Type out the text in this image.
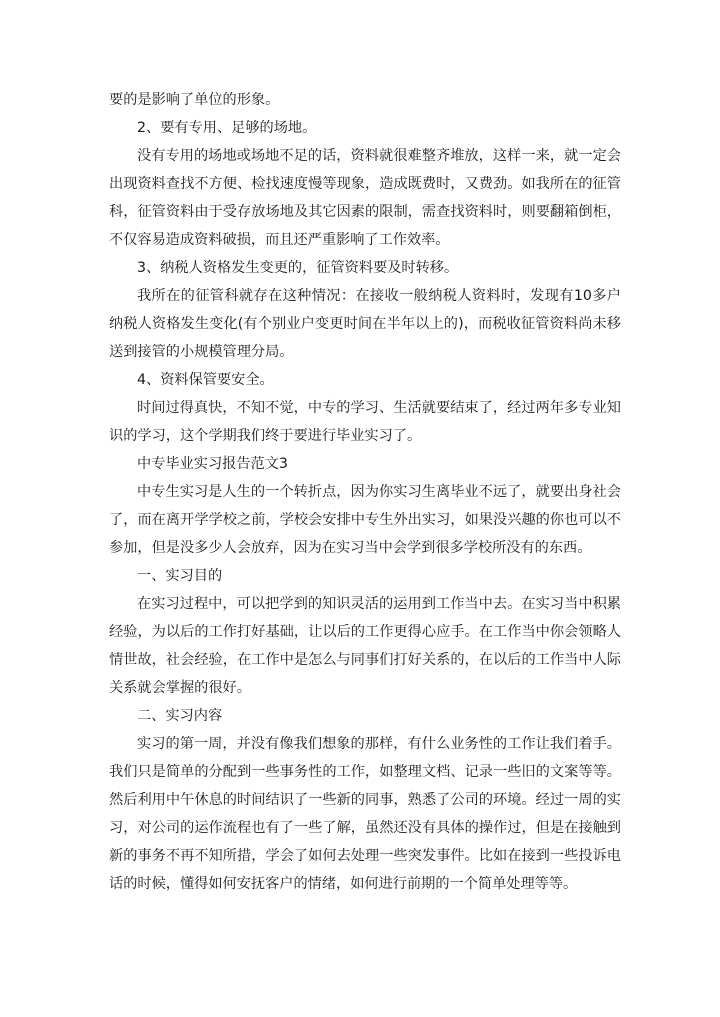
要的是影响了单位的形象。

2、要有专用、足够的场地。

没有专用的场地或场地不足的话，资料就很难整齐堆放，这样一来，就一定会出现资料查找不方便、检找速度慢等现象，造成既费时，又费劲。如我所在的征管科，征管资料由于受存放场地及其它因素的限制，需查找资料时，则要翻箱倒柜，不仅容易造成资料破损，而且还严重影响了工作效率。

3、纳税人资格发生变更的，征管资料要及时转移。

我所在的征管科就存在这种情况：在接收一般纳税人资料时，发现有10多户纳税人资格发生变化(有个别业户变更时间在半年以上的)，而税收征管资料尚未移送到接管的小规模管理分局。

4、资料保管要安全。

时间过得真快，不知不觉，中专的学习、生活就要结束了，经过两年多专业知识的学习，这个学期我们终于要进行毕业实习了。

中专毕业实习报告范文3

中专生实习是人生的一个转折点，因为你实习生离毕业不远了，就要出身社会了，而在离开学学校之前，学校会安排中专生外出实习，如果没兴趣的你也可以不参加，但是没多少人会放弃，因为在实习当中会学到很多学校所没有的东西。

一、实习目的

在实习过程中，可以把学到的知识灵活的运用到工作当中去。在实习当中积累经验，为以后的工作打好基础，让以后的工作更得心应手。在工作当中你会领略人情世故，社会经验，在工作中是怎么与同事们打好关系的，在以后的工作当中人际关系就会掌握的很好。

二、实习内容

实习的第一周，并没有像我们想象的那样，有什么业务性的工作让我们着手。我们只是简单的分配到一些事务性的工作，如整理文档、记录一些旧的文案等等。然后利用中午休息的时间结识了一些新的同事，熟悉了公司的环境。经过一周的实习，对公司的运作流程也有了一些了解，虽然还没有具体的操作过，但是在接触到新的事务不再不知所措，学会了如何去处理一些突发事件。比如在接到一些投诉电话的时候，懂得如何安抚客户的情绪，如何进行前期的一个简单处理等等。
